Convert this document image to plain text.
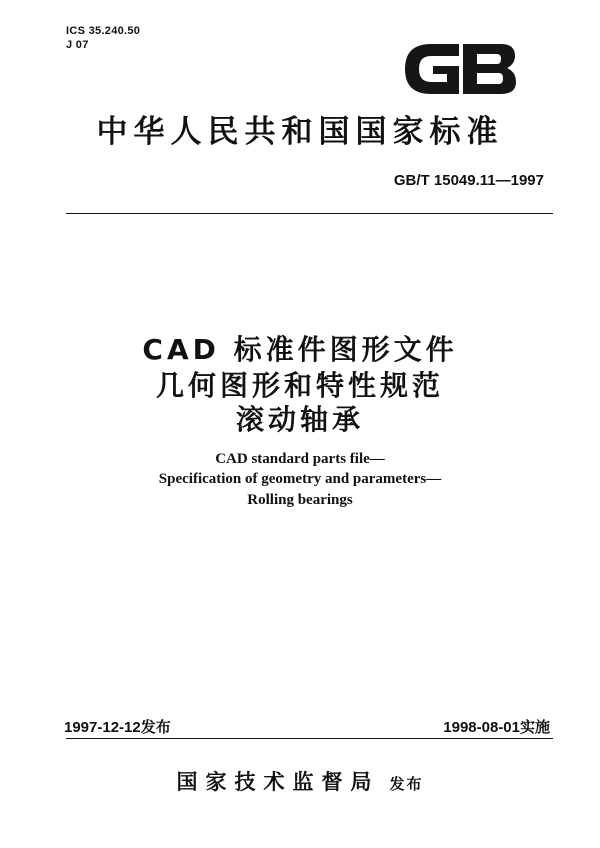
ICS 35.240.50
J 07
中华人民共和国国家标准
GB/T 15049.11—1997
CAD 标准件图形文件
几何图形和特性规范
滚动轴承
CAD standard parts file—
Specification of geometry and parameters—
Rolling bearings
1997-12-12发布	1998-08-01实施
国家技术监督局 发布
